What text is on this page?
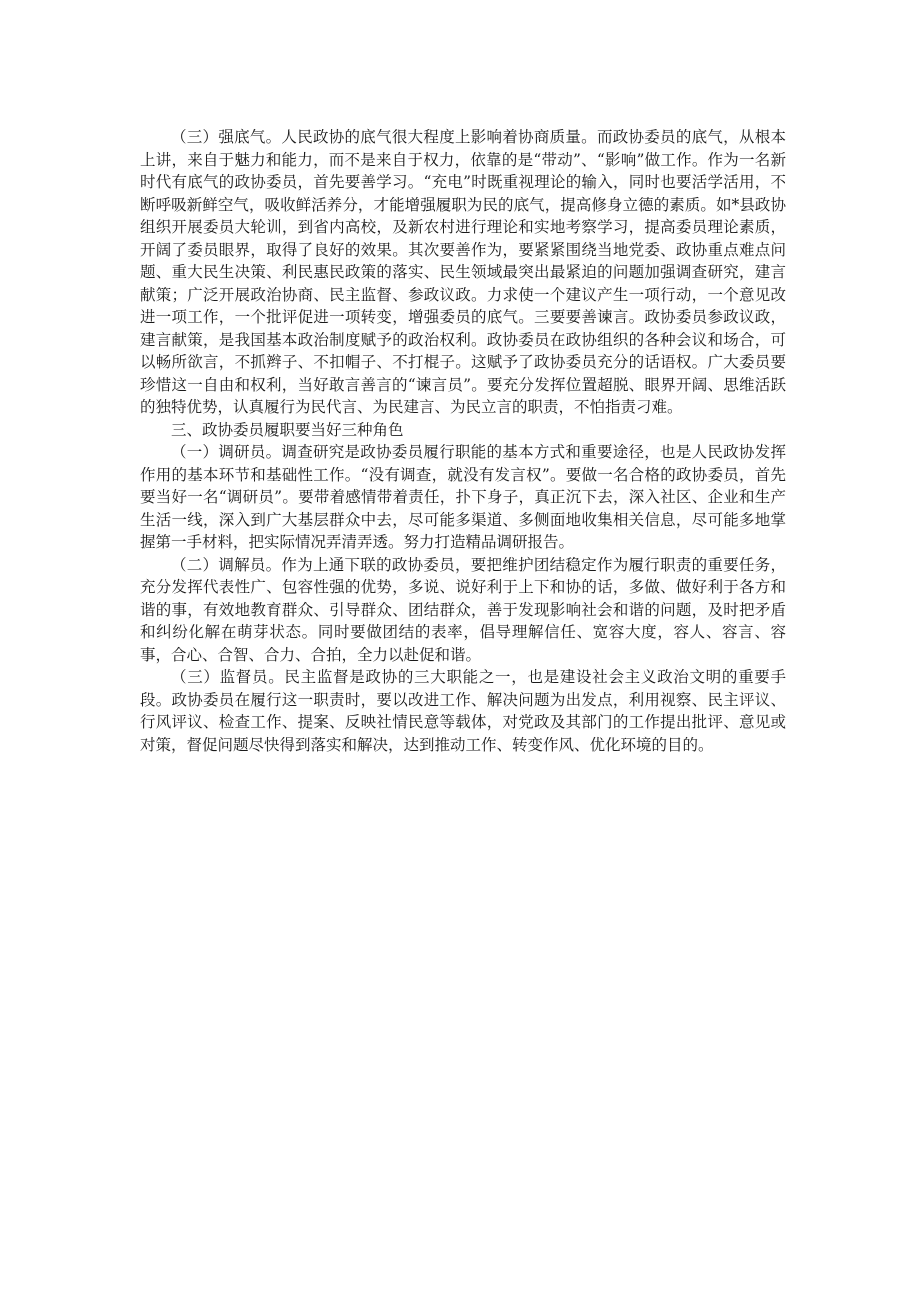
（三）强底气。人民政协的底气很大程度上影响着协商质量。而政协委员的底气，从根本上讲，来自于魅力和能力，而不是来自于权力，依靠的是“带动”、“影响”做工作。作为一名新时代有底气的政协委员，首先要善学习。“充电”时既重视理论的输入，同时也要活学活用，不断呼吸新鲜空气，吸收鲜活养分，才能增强履职为民的底气，提高修身立德的素质。如*县政协组织开展委员大轮训，到省内高校，及新农村进行理论和实地考察学习，提高委员理论素质，开阔了委员眼界，取得了良好的效果。其次要善作为，要紧紧围绕当地党委、政协重点难点问题、重大民生决策、利民惠民政策的落实、民生领域最突出最紧迫的问题加强调查研究，建言献策；广泛开展政治协商、民主监督、参政议政。力求使一个建议产生一项行动，一个意见改进一项工作，一个批评促进一项转变，增强委员的底气。三要要善谏言。政协委员参政议政，建言献策，是我国基本政治制度赋予的政治权利。政协委员在政协组织的各种会议和场合，可以畅所欲言，不抓辫子、不扣帽子、不打棍子。这赋予了政协委员充分的话语权。广大委员要珍惜这一自由和权利，当好敢言善言的“谏言员”。要充分发挥位置超脱、眼界开阔、思维活跃的独特优势，认真履行为民代言、为民建言、为民立言的职责，不怕指责刁难。

三、政协委员履职要当好三种角色

（一）调研员。调查研究是政协委员履行职能的基本方式和重要途径，也是人民政协发挥作用的基本环节和基础性工作。“没有调查，就没有发言权”。要做一名合格的政协委员，首先要当好一名“调研员”。要带着感情带着责任，扑下身子，真正沉下去，深入社区、企业和生产生活一线，深入到广大基层群众中去，尽可能多渠道、多侧面地收集相关信息，尽可能多地掌握第一手材料，把实际情况弄清弄透。努力打造精品调研报告。

（二）调解员。作为上通下联的政协委员，要把维护团结稳定作为履行职责的重要任务，充分发挥代表性广、包容性强的优势，多说、说好利于上下和协的话，多做、做好利于各方和谐的事，有效地教育群众、引导群众、团结群众，善于发现影响社会和谐的问题，及时把矛盾和纠纷化解在萌芽状态。同时要做团结的表率，倡导理解信任、宽容大度，容人、容言、容事，合心、合智、合力、合拍，全力以赴促和谐。

（三）监督员。民主监督是政协的三大职能之一，也是建设社会主义政治文明的重要手段。政协委员在履行这一职责时，要以改进工作、解决问题为出发点，利用视察、民主评议、行风评议、检查工作、提案、反映社情民意等载体，对党政及其部门的工作提出批评、意见或对策，督促问题尽快得到落实和解决，达到推动工作、转变作风、优化环境的目的。
